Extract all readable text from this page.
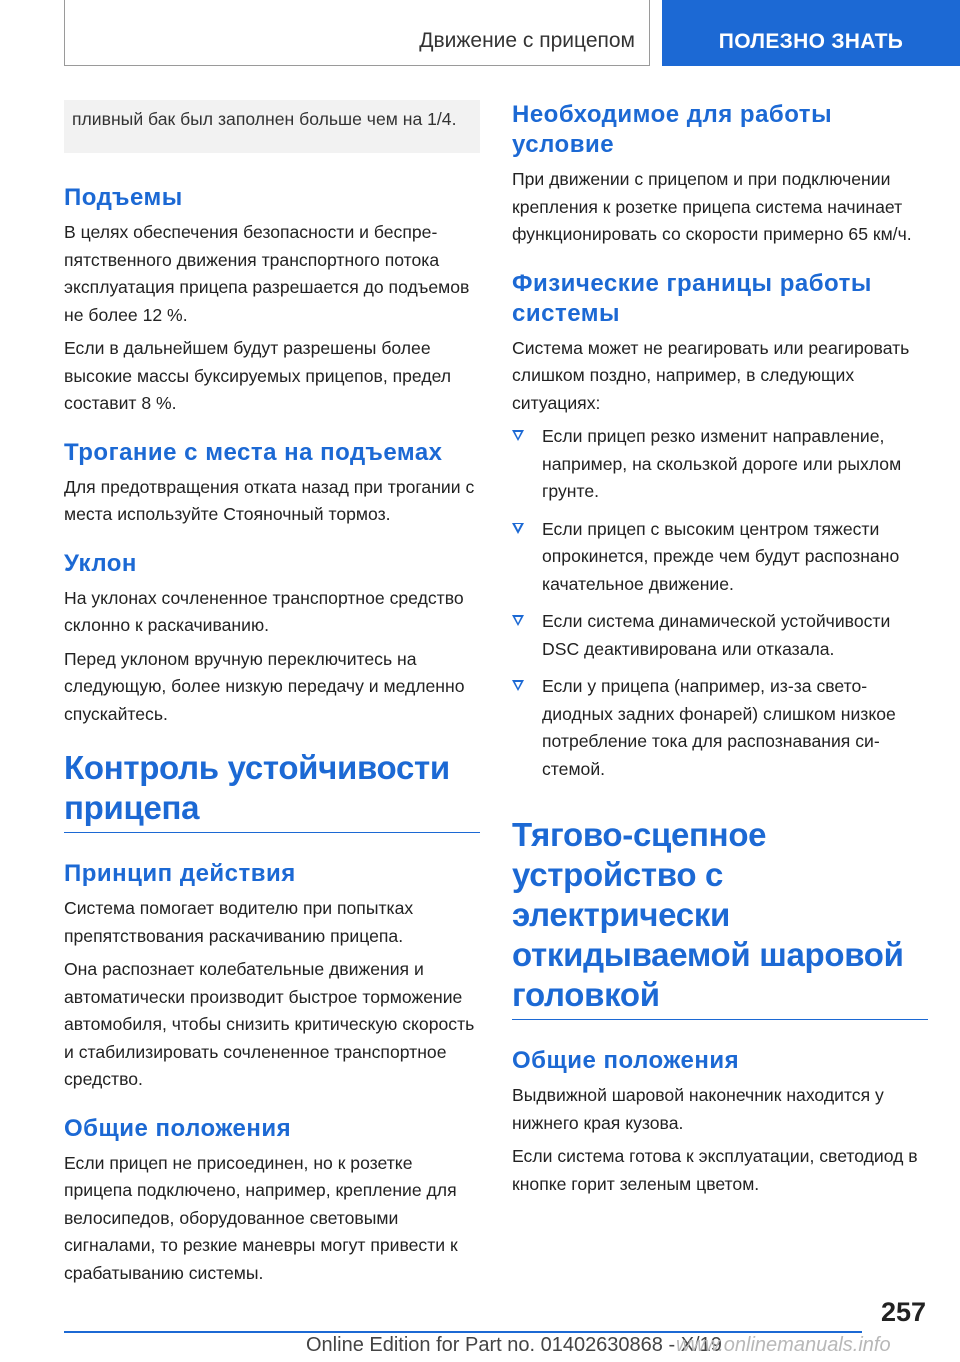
Движение с прицепом	ПОЛЕЗНО ЗНАТЬ
пливный бак был заполнен больше чем на 1/4.
Подъемы

В целях обеспечения безопасности и беспрепятственного движения транспортного потока эксплуатация прицепа разрешается до подъемов не более 12 %.

Если в дальнейшем будут разрешены более высокие массы буксируемых прицепов, предел составит 8 %.

Трогание с места на подъемах

Для предотвращения отката назад при трогании с места используйте Стояночный тормоз.

Уклон

На уклонах сочлененное транспортное средство склонно к раскачиванию.

Перед уклоном вручную переключитесь на следующую, более низкую передачу и медленно спускайтесь.

Контроль устойчивости прицепа
Принцип действия

Система помогает водителю при попытках препятствования раскачиванию прицепа.

Она распознает колебательные движения и автоматически производит быстрое торможение автомобиля, чтобы снизить критическую скорость и стабилизировать сочлененное транспортное средство.

Общие положения

Если прицеп не присоединен, но к розетке прицепа подключено, например, крепление для велосипедов, оборудованное световыми сигналами, то резкие маневры могут привести к срабатыванию системы.

Необходимое для работы условие

При движении с прицепом и при подключении крепления к розетке прицепа система начинает функционировать со скорости примерно 65 км/ч.

Физические границы работы системы

Система может не реагировать или реагировать слишком поздно, например, в следующих ситуациях:

Если прицеп резко изменит направление, например, на скользкой дороге или рыхлом грунте.
Если прицеп с высоким центром тяжести опрокинется, прежде чем будут распознано качательное движение.
Если система динамической устойчивости DSC деактивирована или отказала.
Если у прицепа (например, из-за светодиодных задних фонарей) слишком низкое потребление тока для распознавания системой.
Тягово-сцепное устройство с электрически откидываемой шаровой головкой
Общие положения

Выдвижной шаровой наконечник находится у нижнего края кузова.

Если система готова к эксплуатации, светодиод в кнопке горит зеленым цветом.

257
Online Edition for Part no. 01402630868 - X/19
www.onlinemanuals.info
